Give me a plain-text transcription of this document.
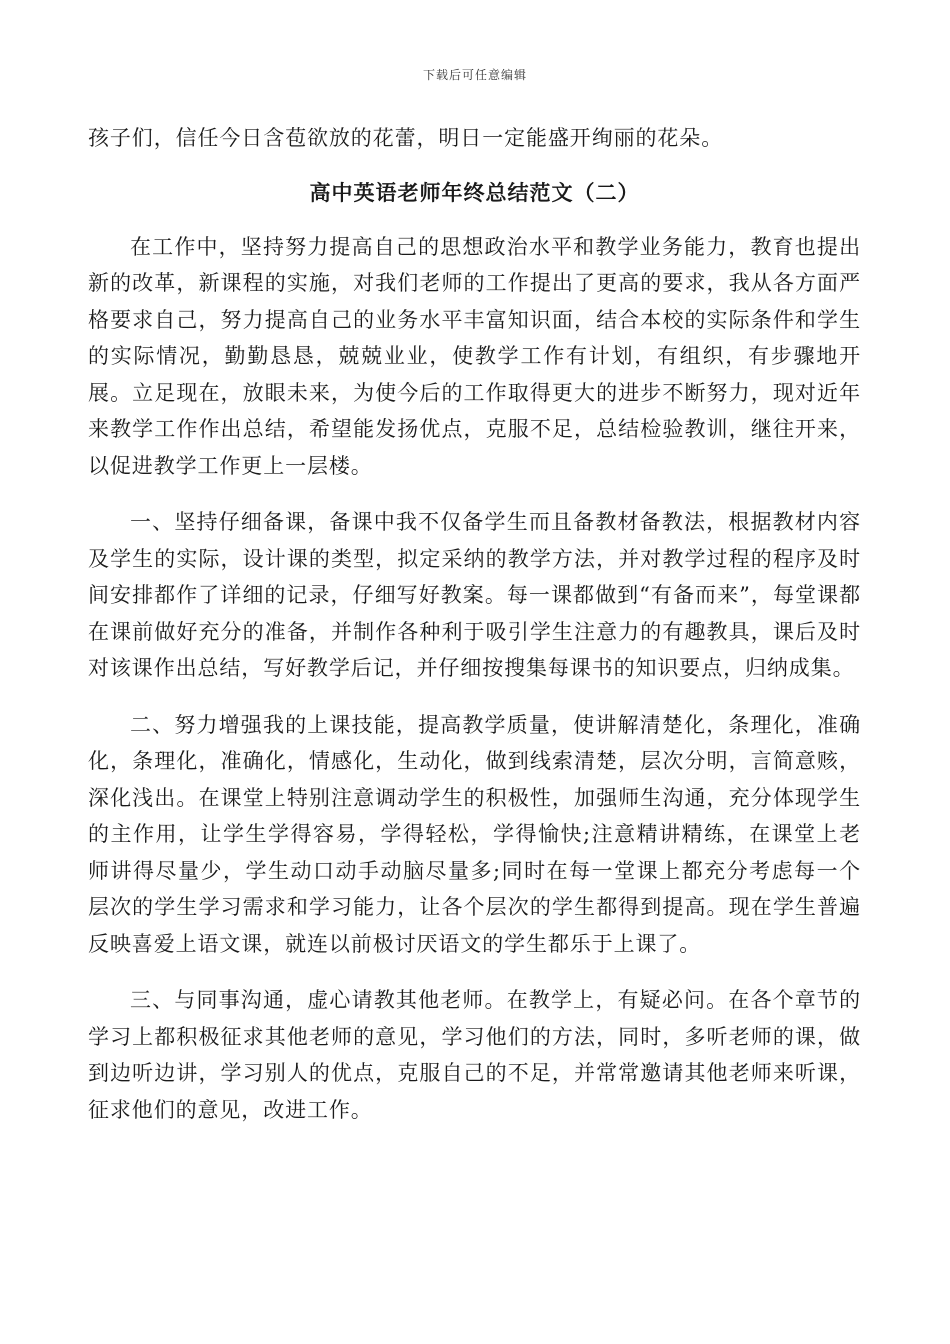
下载后可任意编辑

孩子们，信任今日含苞欲放的花蕾，明日一定能盛开绚丽的花朵。

高中英语老师年终总结范文（二）

在工作中，坚持努力提高自己的思想政治水平和教学业务能力，教育也提出新的改革，新课程的实施，对我们老师的工作提出了更高的要求，我从各方面严格要求自己，努力提高自己的业务水平丰富知识面，结合本校的实际条件和学生的实际情况，勤勤恳恳，兢兢业业，使教学工作有计划，有组织，有步骤地开展。立足现在，放眼未来，为使今后的工作取得更大的进步不断努力，现对近年来教学工作作出总结，希望能发扬优点，克服不足，总结检验教训，继往开来，以促进教学工作更上一层楼。

一、坚持仔细备课，备课中我不仅备学生而且备教材备教法，根据教材内容及学生的实际，设计课的类型，拟定采纳的教学方法，并对教学过程的程序及时间安排都作了详细的记录，仔细写好教案。每一课都做到“有备而来”，每堂课都在课前做好充分的准备，并制作各种利于吸引学生注意力的有趣教具，课后及时对该课作出总结，写好教学后记，并仔细按搜集每课书的知识要点，归纳成集。

二、努力增强我的上课技能，提高教学质量，使讲解清楚化，条理化，准确化，条理化，准确化，情感化，生动化，做到线索清楚，层次分明，言简意赅，深化浅出。在课堂上特别注意调动学生的积极性，加强师生沟通，充分体现学生的主作用，让学生学得容易，学得轻松，学得愉快;注意精讲精练，在课堂上老师讲得尽量少，学生动口动手动脑尽量多;同时在每一堂课上都充分考虑每一个层次的学生学习需求和学习能力，让各个层次的学生都得到提高。现在学生普遍反映喜爱上语文课，就连以前极讨厌语文的学生都乐于上课了。

三、与同事沟通，虚心请教其他老师。在教学上，有疑必问。在各个章节的学习上都积极征求其他老师的意见，学习他们的方法，同时，多听老师的课，做到边听边讲，学习别人的优点，克服自己的不足，并常常邀请其他老师来听课，征求他们的意见，改进工作。
